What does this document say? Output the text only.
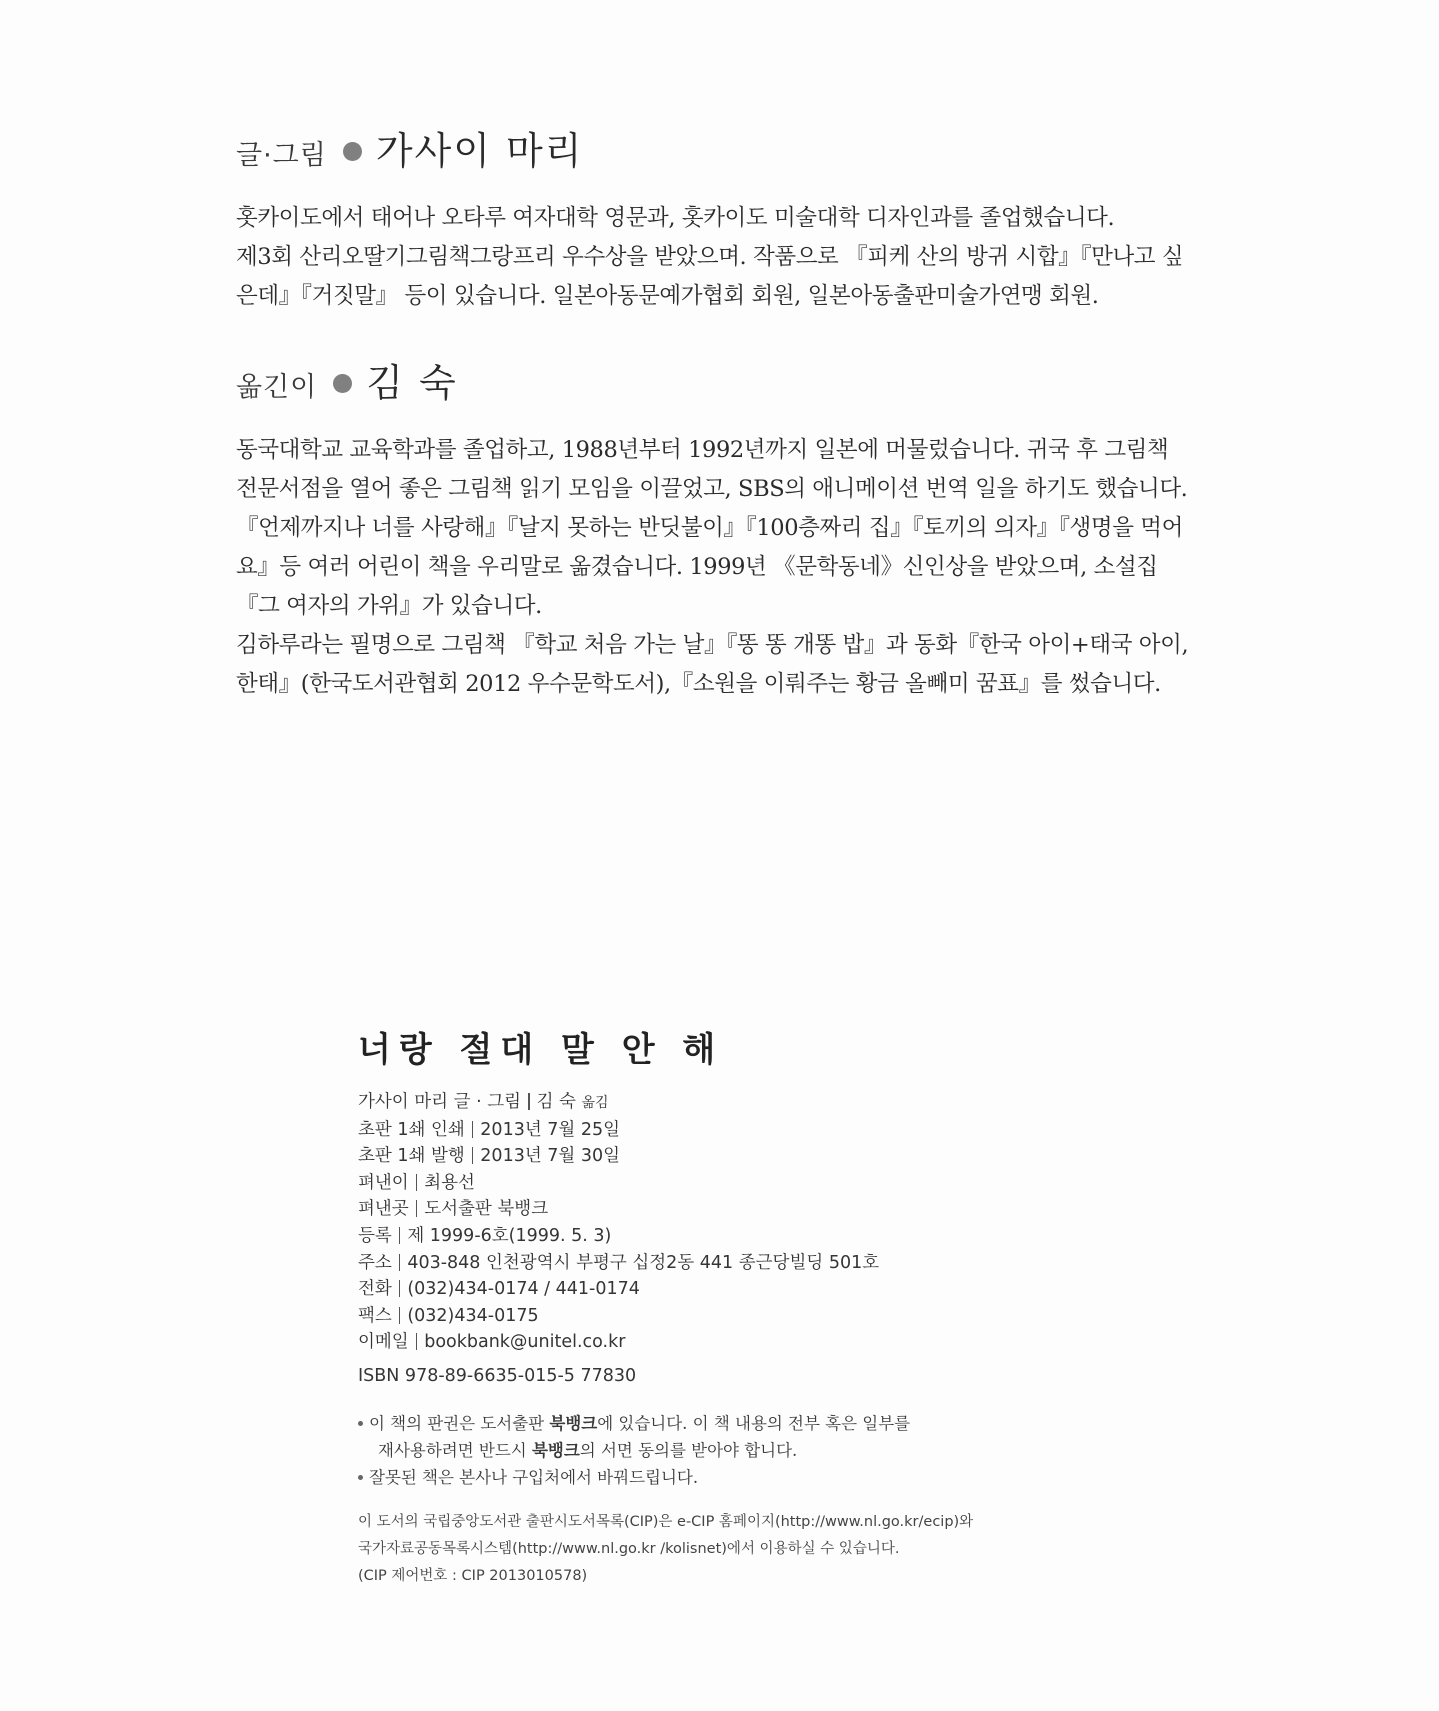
글·그림 가사이 마리

홋카이도에서 태어나 오타루 여자대학 영문과, 홋카이도 미술대학 디자인과를 졸업했습니다.

제3회 산리오딸기그림책그랑프리 우수상을 받았으며. 작품으로 『피케 산의 방귀 시합』『만나고 싶

은데』『거짓말』 등이 있습니다. 일본아동문예가협회 회원, 일본아동출판미술가연맹 회원.

옮긴이 김 숙

동국대학교 교육학과를 졸업하고, 1988년부터 1992년까지 일본에 머물렀습니다. 귀국 후 그림책

전문서점을 열어 좋은 그림책 읽기 모임을 이끌었고, SBS의 애니메이션 번역 일을 하기도 했습니다.

『언제까지나 너를 사랑해』『날지 못하는 반딧불이』『100층짜리 집』『토끼의 의자』『생명을 먹어

요』등 여러 어린이 책을 우리말로 옮겼습니다. 1999년 《문학동네》신인상을 받았으며, 소설집

『그 여자의 가위』가 있습니다.

김하루라는 필명으로 그림책 『학교 처음 가는 날』『똥 똥 개똥 밥』과 동화『한국 아이+태국 아이,

한태』(한국도서관협회 2012 우수문학도서),『소원을 이뤄주는 황금 올빼미 꿈표』를 썼습니다.

너랑 절대 말 안 해
가사이 마리 글 · 그림 김 숙 옮김
초판 1쇄 인쇄 2013년 7월 25일
초판 1쇄 발행 2013년 7월 30일
펴낸이 최용선
펴낸곳 도서출판 북뱅크
등록 제 1999-6호(1999. 5. 3)
주소 403-848 인천광역시 부평구 십정2동 441 종근당빌딩 501호
전화 (032)434-0174 / 441-0174
팩스 (032)434-0175
이메일 bookbank@unitel.co.kr
ISBN 978-89-6635-015-5 77830
이 책의 판권은 도서출판 북뱅크에 있습니다. 이 책 내용의 전부 혹은 일부를
재사용하려면 반드시 북뱅크의 서면 동의를 받아야 합니다.
잘못된 책은 본사나 구입처에서 바꿔드립니다.
이 도서의 국립중앙도서관 출판시도서목록(CIP)은 e-CIP 홈페이지(http://www.nl.go.kr/ecip)와
국가자료공동목록시스템(http://www.nl.go.kr /kolisnet)에서 이용하실 수 있습니다.
(CIP 제어번호 : CIP 2013010578)
